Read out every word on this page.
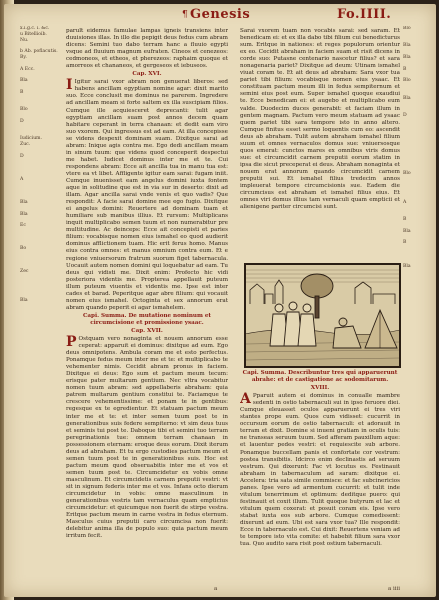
¶ Genesis	Fo.IIII.
x.i.g.c. i. &c.
u Bitellioib.
Nu.

b Ab. poflacutis.
By.

A Ecc.

Bla

B

Blo

D

Iudicium.
Zuc.

D

A

Bla

Bla

Ec

Bo

Zec

Bla

parult eidemus famulae lampas igneis transiens inter duuisiones illas. In illo die pepigit deus fedus cum abram dicens: Semini tuo dabo terram hanc a fluuio egypti vsque ad fluuium magnum eufraten. Cineos et cenezeos: cedmoneos, et etheos, et pherezeos: raphaim quoque et amorreos et chananeos, et gergeseos et iebuseos.

Cap. XVI.

I Igitur sarai vxor abram non genuerat liberos: sed habens ancillam egyptiam nomine agar: dixit marito suo. Ecce conclusit me dominus ne parerem. Ingredere ad ancillam meam si forte saltem ex illa suscipiam filios. Cumque ille acquiesceret deprecanti: tulit agar egyptiam ancillam suam post annos decem quam habitare ceperant in terra chanaan: et dedit eam viro suo vxorem. Qui ingressus est ad eam. At illa concepisse se videns despexit dominam suam. Dixitque sarai ad abram: Inique agis contra me. Ego dedi ancillam meam in sinum tuum: que videns quod conceperit despectui me habet. Iudicet dominus inter me et te. Cui respondens abram: Ecce ait ancilla tua in manu tua est: vtere ea vt libet. Affligente igitur eam sarai: fugam iniit. Cumque inuenisset eam angelus domini iuxta fontem aque in solitudine que est in via sur in deserto: dixit ad illam. Agar ancilla sarai vnde venis et quo vadis? Que respondit: A facie sarai domine mee ego fugio. Dixitque ei angelus domini: Reuertere ad dominam tuam et humiliare sub manibus illius. Et rursum: Multiplicans inquit multiplicabo semen tuum et non numerabitur pre multitudine. Ac deinceps: Ecce ait concepisti et paries filium: vocabisque nomen eius ismahel eo quod audierit dominus afflictionem tuam. Hic erit ferus homo. Manus eius contra omnes: et manus omnium contra eum. Et e regione vniuersorum fratrum suorum figet tabernacula. Uocauit autem nomen domini qui loquebatur ad eam. Tu deus qui vidisti me. Dixit enim: Profecto hic vidi posteriora videntis me. Propterea appellauit puteum illum puteum viuentis et videntis me. Ipse est inter cades et barad. Peperitque agar abre filium: qui vocauit nomen eius ismahel. Octoginta et sex annorum erat abram quando peperit ei agar ismahelem.

Capi. Summa. De mutatione nominum et circumcisione et promissione ysaac.
Cap. XVII.

P Ostquam vero nonaginta et nouem annorum esse ceperat: apparuit ei dominus: dixitque ad eum. Ego deus omnipotens. Ambula coram me et esto perfectus. Ponamque fedus meum inter me et te: et multiplicabo te vehementer nimis. Cecidit abram pronus in faciem. Dixitque ei deus: Ego sum et pactum meum tecum: erisque pater multarum gentium. Nec vltra vocabitur nomen tuum abram: sed appellaberis abraham: quia patrem multarum gentium constitui te. Faciamque te crescere vehementissime: et ponam te in gentibus: regesque ex te egredientur. Et statuam pactum meum inter me et te: et inter semen tuum post te in generationibus suis federe sempiterno: vt sim deus tuus et seminis tui post te. Daboque tibi et semini tuo terram peregrinationis tue: omnem terram chanaan in possessionem eternam: eroque deus eorum. Dixit iterum deus ad abraham. Et tu ergo custodies pactum meum et semen tuum post te in generationibus suis. Hoc est pactum meum quod obseruabitis inter me et vos et semen tuum post te. Circumcidetur ex vobis omne masculinum. Et circumcidetis carnem preputii vestri: vt sit in signum federis inter me et vos. Infans octo dierum circumcidetur in vobis: omne masculinum in generationibus vestris tam vernaculus quam empticius circumcidetur: et quicumque non fuerit de stirpe vestra. Eritque pactum meum in carne vestra in fedus eternum. Masculus cuius preputii caro circumcisa non fuerit: delebitur anima illa de populo suo: quia pactum meum irritum fecit.

Sarai vxorem tuam non vocabis sarai: sed saram. Et benedicam ei: et ex illa dabo tibi filium cui benedicturus sum. Eritque in nationes: et reges populorum orientur ex eo. Cecidit abraham in faciem suam et risit dicens in corde suo: Putasne centenario nascetur filius? et sara nonagenaria pariet? Dixitque ad deum: Utinam ismahel viuat coram te. Et ait deus ad abraham: Sara vxor tua pariet tibi filium: vocabisque nomen eius ysaac. Et constituam pactum meum illi in fedus sempiternum et semini eius post eum. Super ismahel quoque exaudiui te. Ecce benedicam ei: et augebo et multiplicabo eum valde. Duodecim duces generabit: et faciam illum in gentem magnam. Pactum vero meum statuam ad ysaac quem pariet tibi sara tempore isto in anno altero. Cumque finitus esset sermo loquentis cum eo: ascendit deus ab abraham. Tulit autem abraham ismahel filium suum et omnes vernaculos domus sue: vniuersosque quos emerat: cunctos mares ex omnibus viris domus sue: et circumcidit carnem preputii eorum statim in ipsa die sicut preceperat ei deus. Abraham nonaginta et nouem erat annorum quando circumcidit carnem preputii sui. Et ismahel filius tredecim annos impleuerat tempore circumcisionis sue. Eadem die circumcisus est abraham et ismahel filius eius. Et omnes viri domus illius tam vernaculi quam empticii et alienigene pariter circumcisi sunt.

Capi. Summa. Describuntur tres qui apparuerunt abrahe: et de castigatione ac sodomitarum.
XVIII.

A Pparuit autem ei dominus in conualle mambre sedenti in ostio tabernaculi sui in ipso feruore diei. Cumque eleuasset oculos apparuerunt ei tres viri stantes prope eum. Quos cum vidisset: cucurrit in occursum eorum de ostio tabernaculi: et adorauit in terram et dixit. Domine si inueni gratiam in oculis tuis: ne transeas seruum tuum. Sed afferam pauxillum aque: et lauentur pedes vestri: et requiescite sub arbore. Ponamque buccellam panis et confortate cor vestrum: postea transibitis. Idcirco enim declinastis ad seruum vestrum. Qui dixerunt: Fac vt locutus es. Festinauit abraham in tabernaculum ad saram: dixitque ei. Accelera: tria sata simile commisce: et fac subcinericios panes. Ipse vero ad armentum cucurrit: et tulit inde vitulum tenerrimum et optimum: deditque puero: qui festinauit et coxit illum. Tulit quoque butyrum et lac et vitulum quem coxerat: et posuit coram eis. Ipse vero stabat iuxta eos sub arbore. Cumque comedissent: dixerunt ad eum. Ubi est sara vxor tua? Ille respondit: Ecce in tabernaculo est. Cui dixit: Reuertens veniam ad te tempore isto vita comite: et habebit filium sara vxor tua. Quo audito sara risit post ostium tabernaculi.

Blo

Bla

Bla

B

Blo

Bla

D

Blo

A

B

Bla

B

Bla
a	a iiii
